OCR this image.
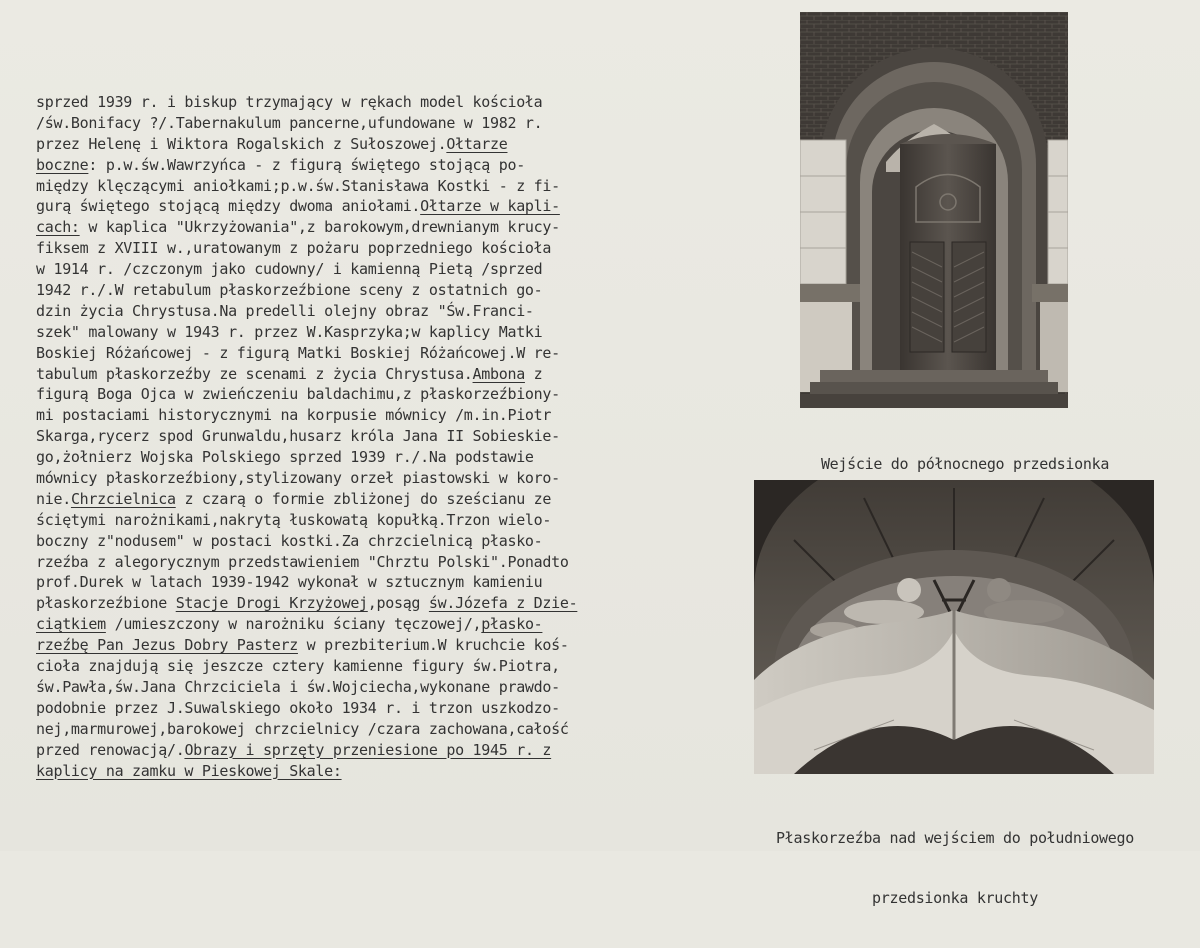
sprzed 1939 r. i biskup trzymający w rękach model kościoła
/św.Bonifacy ?/.Tabernakulum pancerne,ufundowane w 1982 r.
przez Helenę i Wiktora Rogalskich z Sułoszowej.Ołtarze
boczne: p.w.św.Wawrzyńca - z figurą świętego stojącą po-
między klęczącymi aniołkami;p.w.św.Stanisława Kostki - z fi-
gurą świętego stojącą między dwoma aniołami.Ołtarze w kapli-
cach: w kaplica "Ukrzyżowania",z barokowym,drewnianym krucy-
fiksem z XVIII w.,uratowanym z pożaru poprzedniego kościoła
w 1914 r. /czczonym jako cudowny/ i kamienną Pietą /sprzed
1942 r./.W retabulum płaskorzeźbione sceny z ostatnich go-
dzin życia Chrystusa.Na predelli olejny obraz "Św.Franci-
szek" malowany w 1943 r. przez W.Kasprzyka;w kaplicy Matki
Boskiej Różańcowej - z figurą Matki Boskiej Różańcowej.W re-
tabulum płaskorzeźby ze scenami z życia Chrystusa.Ambona z
figurą Boga Ojca w zwieńczeniu baldachimu,z płaskorzeźbiony-
mi postaciami historycznymi na korpusie mównicy /m.in.Piotr
Skarga,rycerz spod Grunwaldu,husarz króla Jana II Sobieskie-
go,żołnierz Wojska Polskiego sprzed 1939 r./.Na podstawie
mównicy płaskorzeźbiony,stylizowany orzeł piastowski w koro-
nie.Chrzcielnica z czarą o formie zbliżonej do sześcianu ze
ściętymi narożnikami,nakrytą łuskowatą kopułką.Trzon wielo-
boczny z"nodusem" w postaci kostki.Za chrzcielnicą płasko-
rzeźba z alegorycznym przedstawieniem "Chrztu Polski".Ponadto
prof.Durek w latach 1939-1942 wykonał w sztucznym kamieniu
płaskorzeźbione Stacje Drogi Krzyżowej,posąg św.Józefa z Dzie-
ciątkiem /umieszczony w narożniku ściany tęczowej/,płasko-
rzeźbę Pan Jezus Dobry Pasterz w prezbiterium.W kruchcie koś-
cioła znajdują się jeszcze cztery kamienne figury św.Piotra,
św.Pawła,św.Jana Chrzciciela i św.Wojciecha,wykonane prawdo-
podobnie przez J.Suwalskiego około 1934 r. i trzon uszkodzo-
nej,marmurowej,barokowej chrzcielnicy /czara zachowana,całość
przed renowacją/.Obrazy i sprzęty przeniesione po 1945 r. z
kaplicy na zamku w Pieskowej Skale:

Wejście do północnego przedsionka

Płaskorzeźba nad wejściem do południowego

przedsionka kruchty
